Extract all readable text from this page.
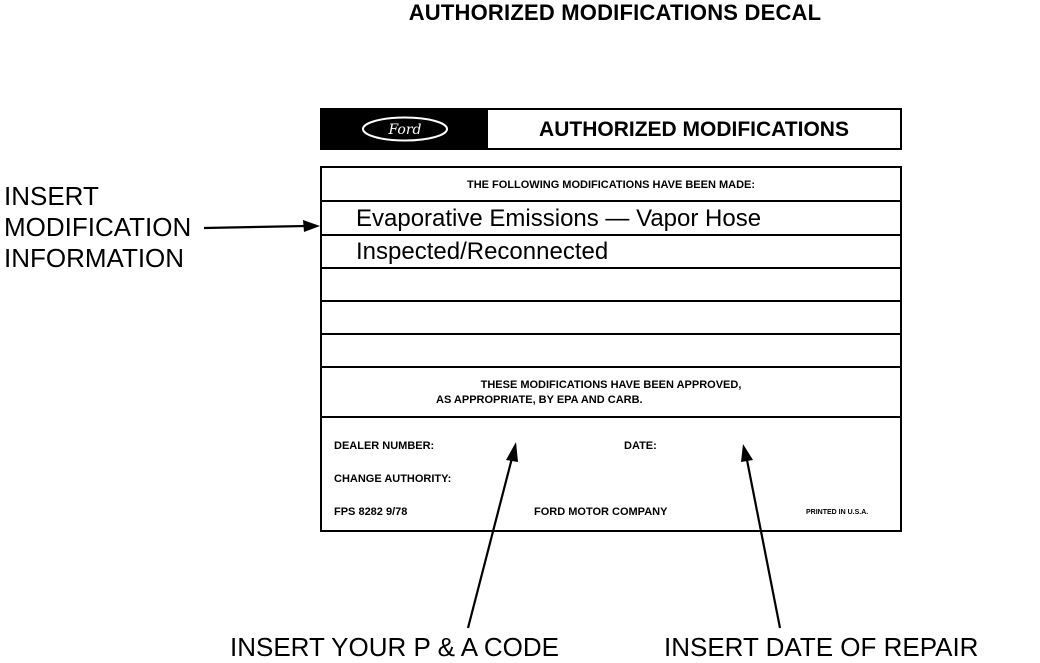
AUTHORIZED MODIFICATIONS DECAL
Ford	AUTHORIZED MODIFICATIONS
THE FOLLOWING MODIFICATIONS HAVE BEEN MADE:
Evaporative Emissions — Vapor Hose
Inspected/Reconnected
THESE MODIFICATIONS HAVE BEEN APPROVED,
AS APPROPRIATE, BY EPA AND CARB.
DEALER NUMBER:	DATE:
CHANGE AUTHORITY:
FPS 8282 9/78	FORD MOTOR COMPANY	PRINTED IN U.S.A.
INSERT
MODIFICATION
INFORMATION
INSERT YOUR P & A CODE	INSERT DATE OF REPAIR
